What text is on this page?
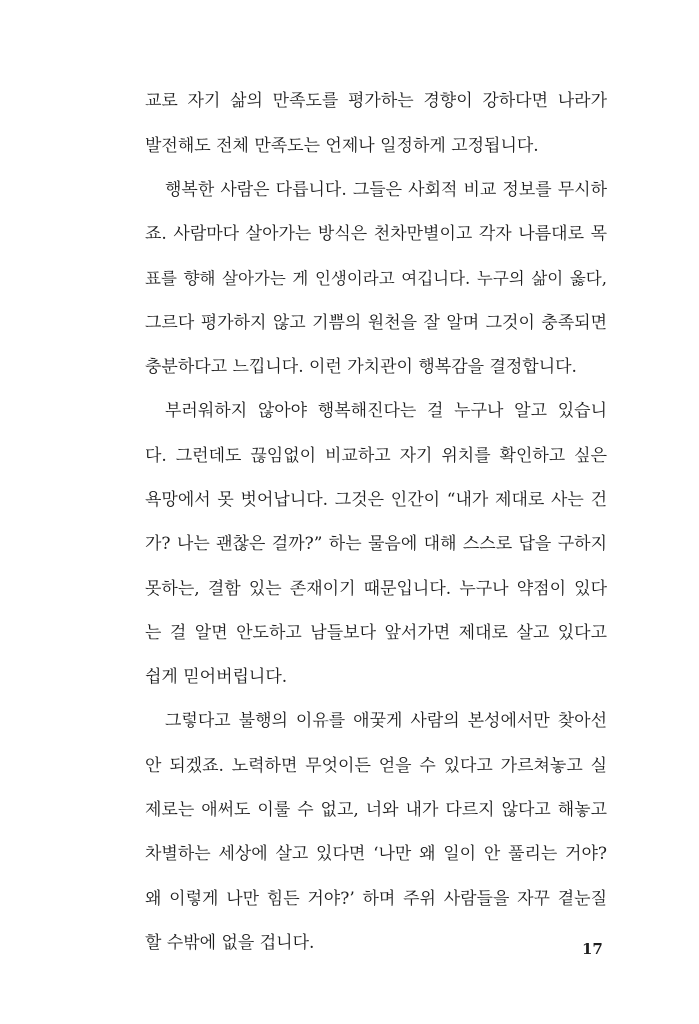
교로 자기 삶의 만족도를 평가하는 경향이 강하다면 나라가
발전해도 전체 만족도는 언제나 일정하게 고정됩니다.
행복한 사람은 다릅니다. 그들은 사회적 비교 정보를 무시하
죠. 사람마다 살아가는 방식은 천차만별이고 각자 나름대로 목
표를 향해 살아가는 게 인생이라고 여깁니다. 누구의 삶이 옳다,
그르다 평가하지 않고 기쁨의 원천을 잘 알며 그것이 충족되면
충분하다고 느낍니다. 이런 가치관이 행복감을 결정합니다.
부러워하지 않아야 행복해진다는 걸 누구나 알고 있습니
다. 그런데도 끊임없이 비교하고 자기 위치를 확인하고 싶은
욕망에서 못 벗어납니다. 그것은 인간이 “내가 제대로 사는 건
가? 나는 괜찮은 걸까?” 하는 물음에 대해 스스로 답을 구하지
못하는, 결함 있는 존재이기 때문입니다. 누구나 약점이 있다
는 걸 알면 안도하고 남들보다 앞서가면 제대로 살고 있다고
쉽게 믿어버립니다.
그렇다고 불행의 이유를 애꿎게 사람의 본성에서만 찾아선
안 되겠죠. 노력하면 무엇이든 얻을 수 있다고 가르쳐놓고 실
제로는 애써도 이룰 수 없고, 너와 내가 다르지 않다고 해놓고
차별하는 세상에 살고 있다면 ‘나만 왜 일이 안 풀리는 거야?
왜 이렇게 나만 힘든 거야?’ 하며 주위 사람들을 자꾸 곁눈질
할 수밖에 없을 겁니다.	17
